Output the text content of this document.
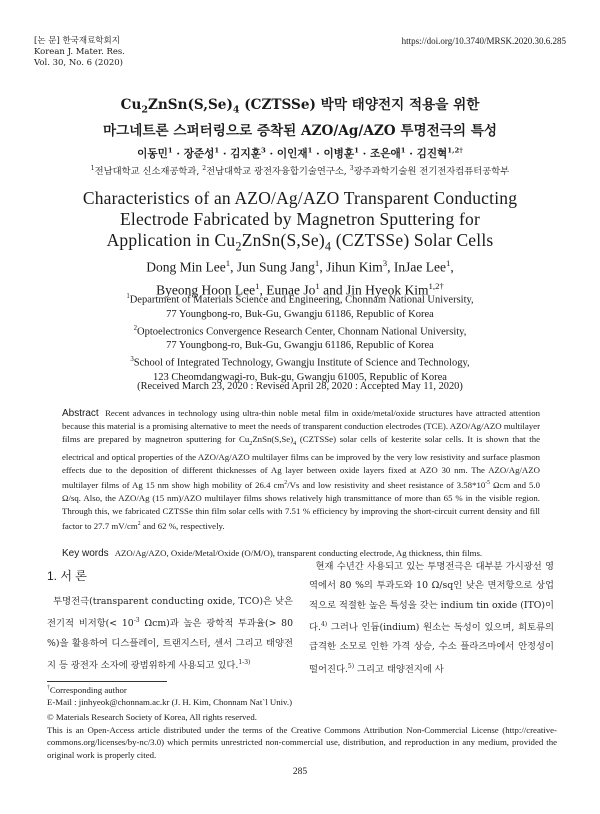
[논 문] 한국재료학회지
Korean J. Mater. Res.
Vol. 30, No. 6 (2020)
https://doi.org/10.3740/MRSK.2020.30.6.285
$Cu_2ZnSn(S,Se)_4$ (CZTSSe) 박막 태양전지 적용을 위한
마그네트론 스퍼터링으로 증착된 AZO/Ag/AZO 투명전극의 특성
이동민$^1$ · 장준성$^1$ · 김지훈$^3$ · 이인재$^1$ · 이병훈$^1$ · 조은애$^1$ · 김진혁$^{1,2\dagger}$
$^1$전남대학교 신소재공학과, $^2$전남대학교 광전자융합기술연구소, $^3$광주과학기술원 전기전자컴퓨터공학부
Characteristics of an AZO/Ag/AZO Transparent Conducting
Electrode Fabricated by Magnetron Sputtering for
Application in $Cu_2ZnSn(S,Se)_4$ (CZTSSe) Solar Cells
Dong Min Lee$^1$, Jun Sung Jang$^1$, Jihun Kim$^3$, InJae Lee$^1$,
Byeong Hoon Lee$^1$, Eunae Jo$^1$ and Jin Hyeok Kim$^{1,2\dagger}$
$^1$Department of Materials Science and Engineering, Chonnam National University,
77 Youngbong-ro, Buk-Gu, Gwangju 61186, Republic of Korea
$^2$Optoelectronics Convergence Research Center, Chonnam National University,
77 Youngbong-ro, Buk-Gu, Gwangju 61186, Republic of Korea
$^3$School of Integrated Technology, Gwangju Institute of Science and Technology,
123 Cheomdangwagi-ro, Buk-gu, Gwangju 61005, Republic of Korea
(Received March 23, 2020 : Revised April 28, 2020 : Accepted May 11, 2020)
Abstract Recent advances in technology using ultra-thin noble metal film in oxide/metal/oxide structures have attracted attention because this material is a promising alternative to meet the needs of transparent conduction electrodes (TCE). AZO/Ag/AZO multilayer films are prepared by magnetron sputtering for $Cu_2ZnSn(S,Se)_4$ (CZTSSe) solar cells of kesterite solar cells. It is shown that the electrical and optical properties of the AZO/Ag/AZO multilayer films can be improved by the very low resistivity and surface plasmon effects due to the deposition of different thicknesses of Ag layer between oxide layers fixed at AZO 30 nm. The AZO/Ag/AZO multilayer films of Ag 15 nm show high mobility of 26.4 $cm^2/Vs$ and low resistivity and sheet resistance of $3.58*10^{-5}$ Ωcm and 5.0 Ω/sq. Also, the AZO/Ag (15 nm)/AZO multilayer films shows relatively high transmittance of more than 65 % in the visible region. Through this, we fabricated CZTSSe thin film solar cells with 7.51 % efficiency by improving the short-circuit current density and fill factor to 27.7 $mV/cm^2$ and 62 %, respectively.
Key words AZO/Ag/AZO, Oxide/Metal/Oxide (O/M/O), transparent conducting electrode, Ag thickness, thin films.
1. 서 론
투명전극(transparent conducting oxide, TCO)은 낮은 전기적 비저항(< $10^{-3}$ Ωcm)과 높은 광학적 투과율(> 80 %)을 활용하여 디스플레이, 트랜지스터, 센서 그리고 태양전지 등 광전자 소자에 광범위하게 사용되고 있다.$^{1-3)}$
현재 수년간 사용되고 있는 투명전극은 대부분 가시광선 영역에서 80 %의 투과도와 10 Ω/sq인 낮은 면저항으로 상업적으로 적절한 높은 특성을 갖는 indium tin oxide (ITO)이다.$^{4)}$ 그러나 인듐(indium) 원소는 독성이 있으며, 희토류의 급격한 소모로 인한 가격 상승, 수소 플라즈마에서 안정성이 떨어진다.$^{5)}$ 그리고 태양전지에 사
†Corresponding author
E-Mail : jinhyeok@chonnam.ac.kr (J. H. Kim, Chonnam Nat`l Univ.)
© Materials Research Society of Korea, All rights reserved.
This is an Open-Access article distributed under the terms of the Creative Commons Attribution Non-Commercial License (http://creative-commons.org/licenses/by-nc/3.0) which permits unrestricted non-commercial use, distribution, and reproduction in any medium, provided the original work is properly cited.
285
